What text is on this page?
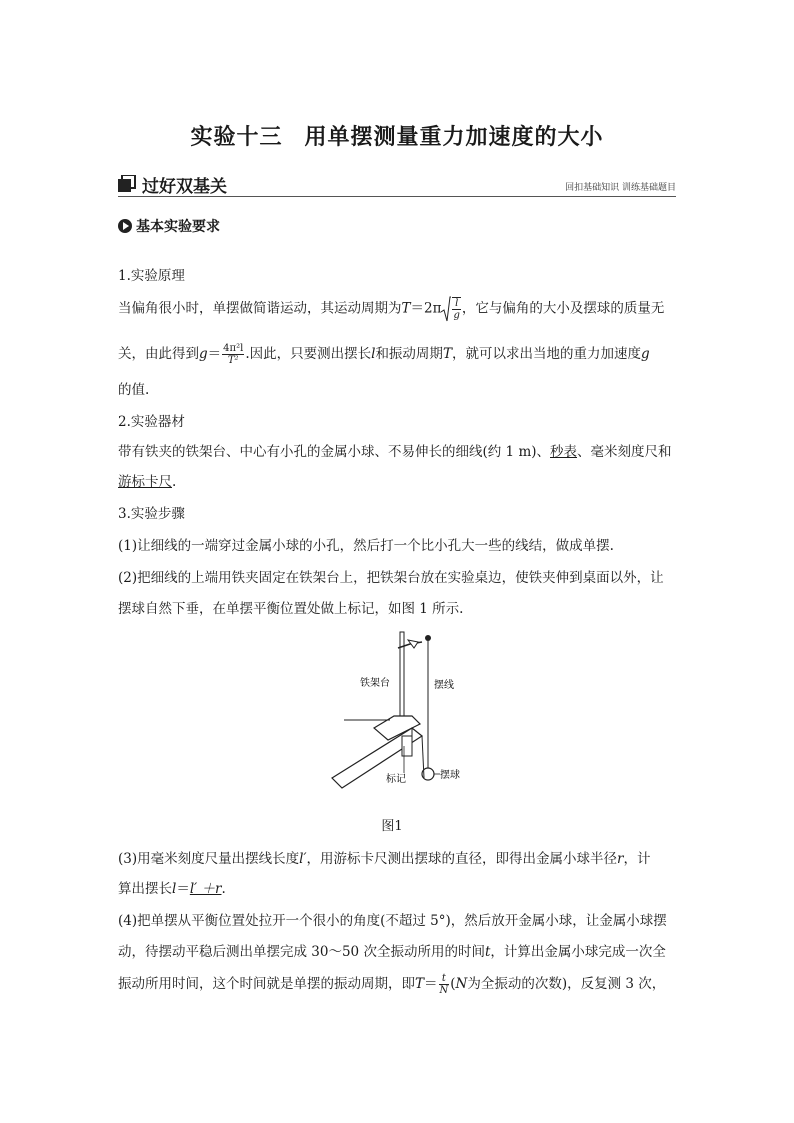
实验十三 用单摆测量重力加速度的大小
过好双基关	回扣基础知识 训练基础题目
基本实验要求
1.实验原理
当偏角很小时，单摆做简谐运动，其运动周期为$T=2\pi \frac{l}{g}$ ，它与偏角的大小及摆球的质量无
关，由此得到$g= \frac{\text{4π²l}}{\text{T²}}$ .因此，只要测出摆长l和振动周期T，就可以求出当地的重力加速度g
的值.
2.实验器材
带有铁夹的铁架台、中心有小孔的金属小球、不易伸长的细线(约 1 m)、秒表、毫米刻度尺和
游标卡尺.
3.实验步骤
(1)让细线的一端穿过金属小球的小孔，然后打一个比小孔大一些的线结，做成单摆.
(2)把细线的上端用铁夹固定在铁架台上，把铁架台放在实验桌边，使铁夹伸到桌面以外，让
摆球自然下垂，在单摆平衡位置处做上标记，如图 1 所示.
铁架台	摆线
标记	摆球
图1
(3)用毫米刻度尺量出摆线长度l′，用游标卡尺测出摆球的直径，即得出金属小球半径r，计
算出摆长l＝l′ ＋r.
(4)把单摆从平衡位置处拉开一个很小的角度(不超过 5°)，然后放开金属小球，让金属小球摆
动，待摆动平稳后测出单摆完成 30～50 次全振动所用的时间t，计算出金属小球完成一次全
振动所用时间，这个时间就是单摆的振动周期，即$T= \frac{t}{N} (N$为全振动的次数)，反复测 3 次，
